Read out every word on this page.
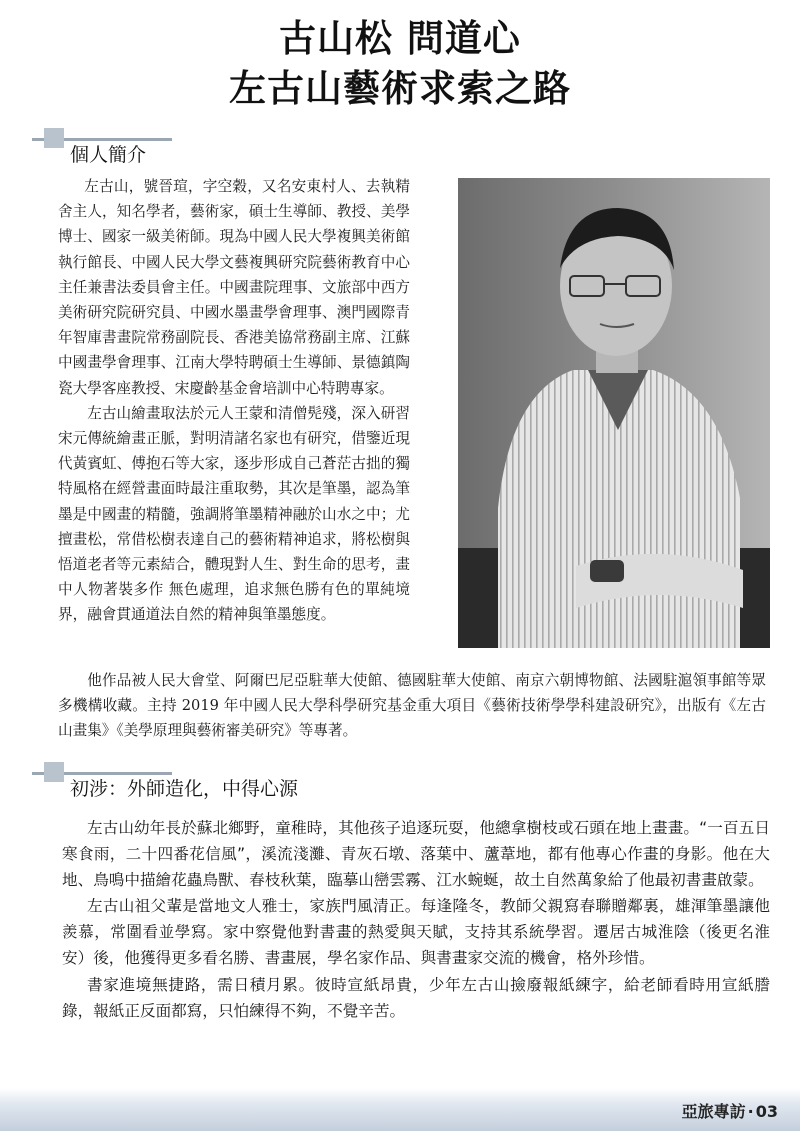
古山松 問道心
左古山藝術求索之路
個人簡介

左古山，號晉瑄，字空穀，又名安東村人、去執精舍主人，知名學者，藝術家，碩士生導師、教授、美學博士、國家一級美術師。現為中國人民大學複興美術館執行館長、中國人民大學文藝複興研究院藝術教育中心主任兼書法委員會主任。中國畫院理事、文旅部中西方美術研究院研究員、中國水墨畫學會理事、澳門國際青年智庫書畫院常務副院長、香港美協常務副主席、江蘇中國畫學會理事、江南大學特聘碩士生導師、景德鎮陶瓷大學客座教授、宋慶齡基金會培訓中心特聘專家。

左古山繪畫取法於元人王蒙和清僧髡殘，深入研習宋元傳統繪畫正脈，對明清諸名家也有研究，借鑒近現代黃賓虹、傅抱石等大家，逐步形成自己蒼茫古拙的獨特風格在經營畫面時最注重取勢，其次是筆墨，認為筆墨是中國畫的精髓，強調將筆墨精神融於山水之中；尤擅畫松，常借松樹表達自己的藝術精神追求，將松樹與悟道老者等元素結合，體現對人生、對生命的思考，畫中人物著裝多作 無色處理，追求無色勝有色的單純境界，融會貫通道法自然的精神與筆墨態度。

他作品被人民大會堂、阿爾巴尼亞駐華大使館、德國駐華大使館、南京六朝博物館、法國駐滬領事館等眾多機構收藏。主持 2019 年中國人民大學科學研究基金重大項目《藝術技術學學科建設研究》，出版有《左古山畫集》《美學原理與藝術審美研究》等專著。

初涉：外師造化，中得心源

左古山幼年長於蘇北鄉野，童稚時，其他孩子追逐玩耍，他總拿樹枝或石頭在地上畫畫。“一百五日寒食雨，二十四番花信風”，溪流淺灘、青灰石墩、落葉中、蘆葦地，都有他專心作畫的身影。他在大地、鳥鳴中描繪花蟲鳥獸、春枝秋葉，臨摹山巒雲霧、江水蜿蜒，故土自然萬象給了他最初書畫啟蒙。

左古山祖父輩是當地文人雅士，家族門風清正。每逢隆冬，教師父親寫春聯贈鄰裏，雄渾筆墨讓他羨慕，常圍看並學寫。家中察覺他對書畫的熱愛與天賦，支持其系統學習。遷居古城淮陰（後更名淮安）後，他獲得更多看名勝、書畫展，學名家作品、與書畫家交流的機會，格外珍惜。

書家進境無捷路，需日積月累。彼時宣紙昂貴，少年左古山撿廢報紙練字，給老師看時用宣紙謄錄，報紙正反面都寫，只怕練得不夠，不覺辛苦。

亞旅專訪 · 03
